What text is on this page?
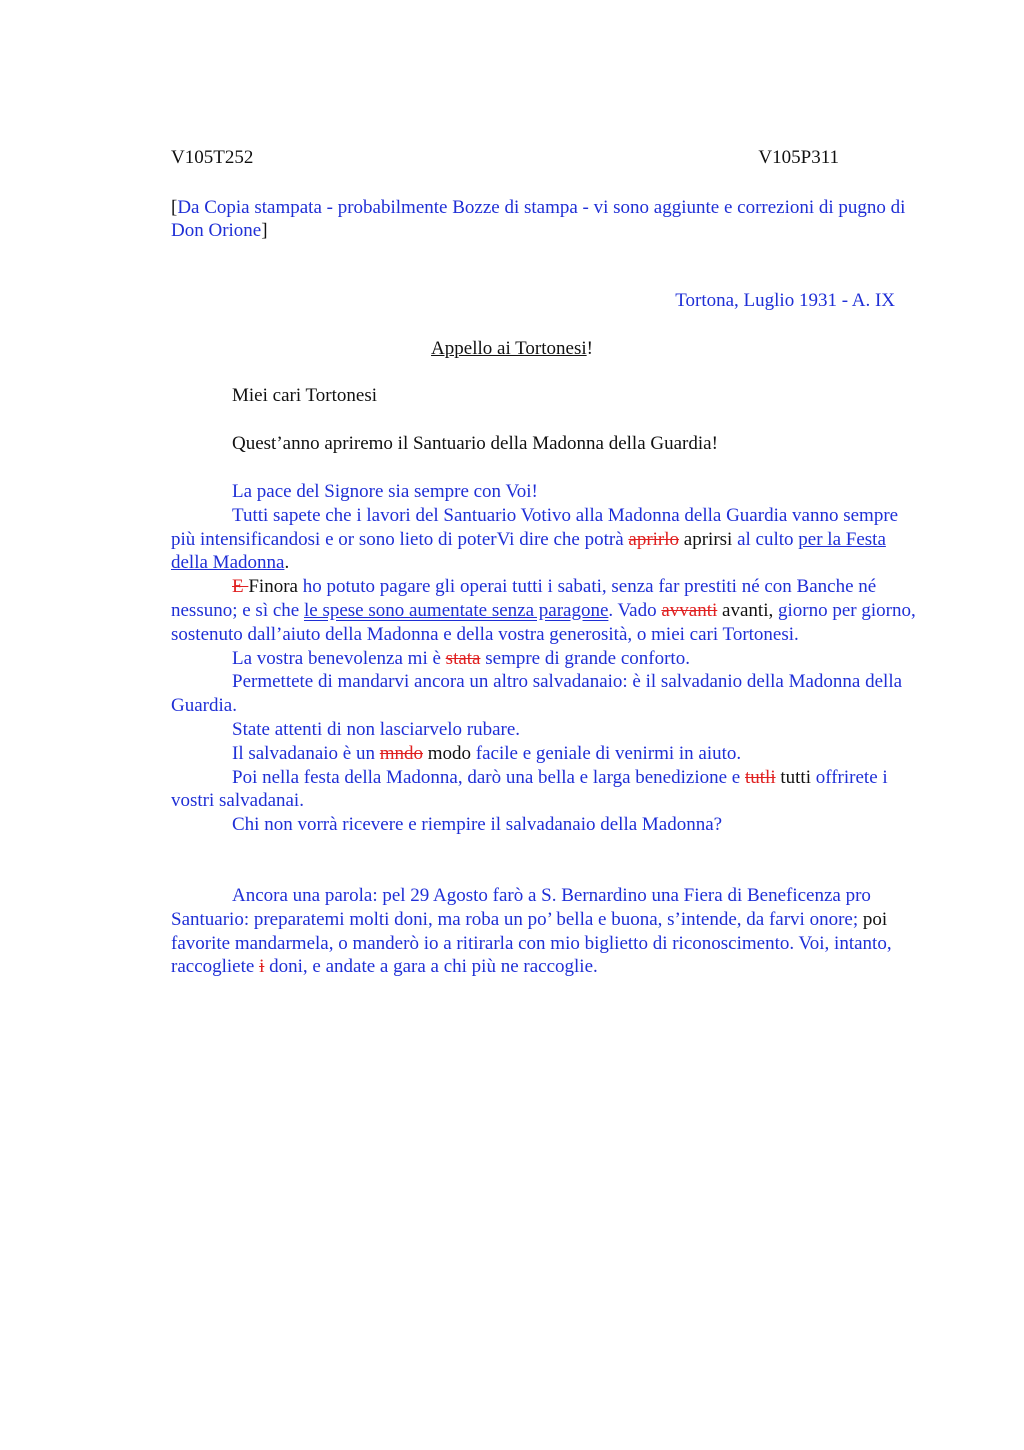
V105T252	V105P311
[Da Copia stampata - probabilmente Bozze di stampa - vi sono aggiunte e correzioni di pugno di Don Orione]
Tortona, Luglio 1931 - A. IX
Appello ai Tortonesi!
Miei cari Tortonesi
Quest’anno apriremo il Santuario della Madonna della Guardia!
La pace del Signore sia sempre con Voi!
Tutti sapete che i lavori del Santuario Votivo alla Madonna della Guardia vanno sempre più intensificandosi e or sono lieto di poterVi dire che potrà aprirlo aprirsi al culto per la Festa della Madonna.
E Finora ho potuto pagare gli operai tutti i sabati, senza far prestiti né con Banche né nessuno; e sì che le spese sono aumentate senza paragone. Vado avvanti avanti, giorno per giorno, sostenuto dall’aiuto della Madonna e della vostra generosità, o miei cari Tortonesi.
La vostra benevolenza mi è stata sempre di grande conforto.
Permettete di mandarvi ancora un altro salvadanaio: è il salvadanio della Madonna della Guardia.
State attenti di non lasciarvelo rubare.
Il salvadanaio è un mndo modo facile e geniale di venirmi in aiuto.
Poi nella festa della Madonna, darò una bella e larga benedizione e tutli tutti offrirete i vostri salvadanai.
Chi non vorrà ricevere e riempire il salvadanaio della Madonna?
Ancora una parola: pel 29 Agosto farò a S. Bernardino una Fiera di Beneficenza pro Santuario: preparatemi molti doni, ma roba un po’ bella e buona, s’intende, da farvi onore; poi favorite mandarmela, o manderò io a ritirarla con mio biglietto di riconoscimento. Voi, intanto, raccogliete i doni, e andate a gara a chi più ne raccoglie.
